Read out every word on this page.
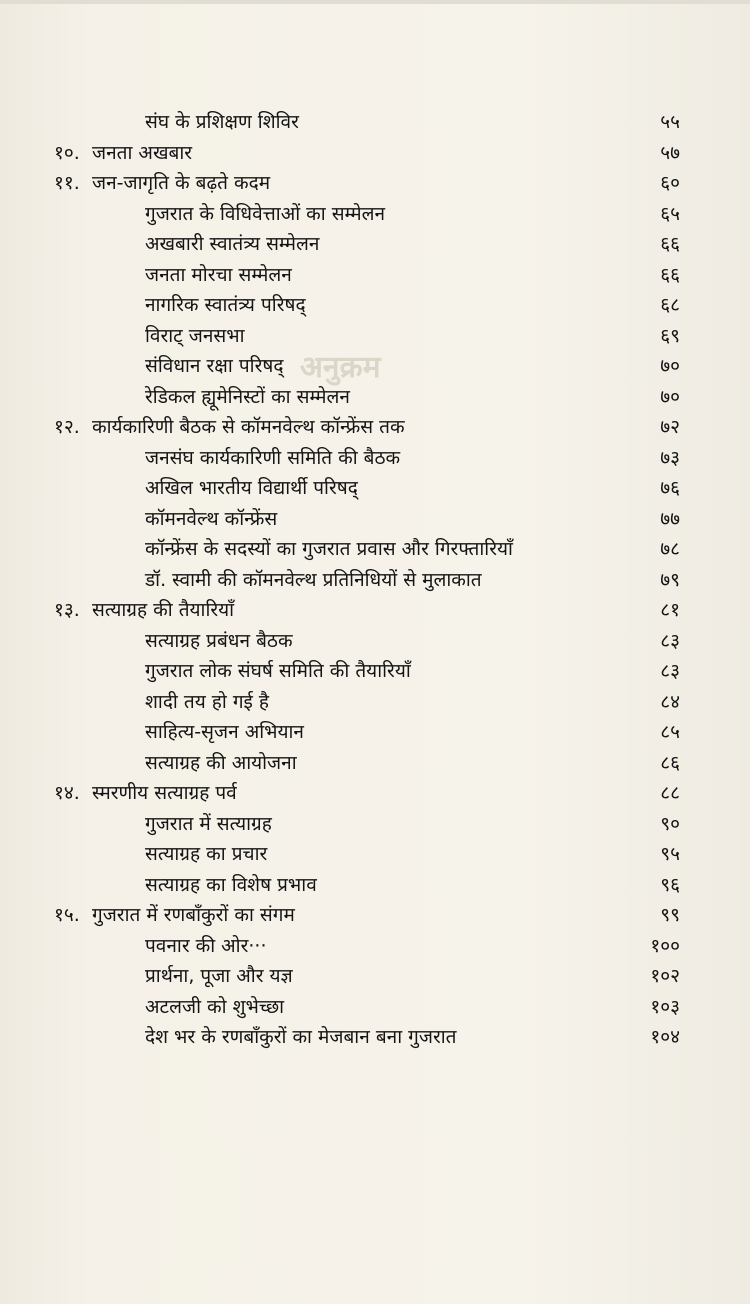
अनुक्रम
संघ के प्रशिक्षण शिविर	५५
१०. जनता अखबार	५७
११. जन-जागृति के बढ़ते कदम	६०
गुजरात के विधिवेत्ताओं का सम्मेलन	६५
अखबारी स्वातंत्र्य सम्मेलन	६६
जनता मोरचा सम्मेलन	६६
नागरिक स्वातंत्र्य परिषद्	६८
विराट् जनसभा	६९
संविधान रक्षा परिषद्	७०
रेडिकल ह्यूमेनिस्टों का सम्मेलन	७०
१२. कार्यकारिणी बैठक से कॉमनवेल्थ कॉन्फ्रेंस तक	७२
जनसंघ कार्यकारिणी समिति की बैठक	७३
अखिल भारतीय विद्यार्थी परिषद्	७६
कॉमनवेल्थ कॉन्फ्रेंस	७७
कॉन्फ्रेंस के सदस्यों का गुजरात प्रवास और गिरफ्तारियाँ	७८
डॉ. स्वामी की कॉमनवेल्थ प्रतिनिधियों से मुलाकात	७९
१३. सत्याग्रह की तैयारियाँ	८१
सत्याग्रह प्रबंधन बैठक	८३
गुजरात लोक संघर्ष समिति की तैयारियाँ	८३
शादी तय हो गई है	८४
साहित्य-सृजन अभियान	८५
सत्याग्रह की आयोजना	८६
१४. स्मरणीय सत्याग्रह पर्व	८८
गुजरात में सत्याग्रह	९०
सत्याग्रह का प्रचार	९५
सत्याग्रह का विशेष प्रभाव	९६
१५. गुजरात में रणबाँकुरों का संगम	९९
पवनार की ओर···	१००
प्रार्थना, पूजा और यज्ञ	१०२
अटलजी को शुभेच्छा	१०३
देश भर के रणबाँकुरों का मेजबान बना गुजरात	१०४
